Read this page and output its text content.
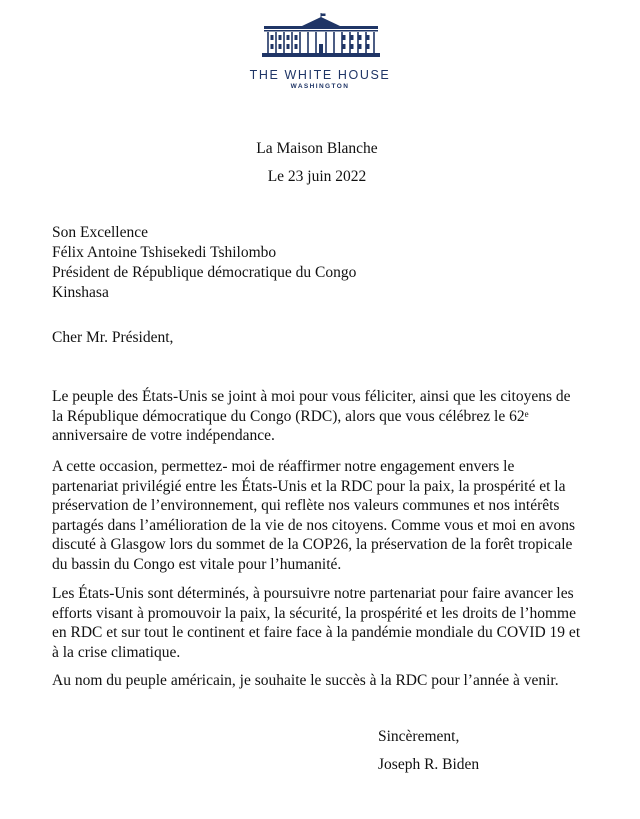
THE WHITE HOUSE
WASHINGTON
La Maison Blanche
Le 23 juin 2022
Son Excellence
Félix Antoine Tshisekedi Tshilombo
Président de République démocratique du Congo
Kinshasa
Cher Mr. Président,

Le peuple des États-Unis se joint à moi pour vous féliciter, ainsi que les citoyens de la République démocratique du Congo (RDC), alors que vous célébrez le 62e anniversaire de votre indépendance.

A cette occasion, permettez- moi de réaffirmer notre engagement envers le partenariat privilégié entre les États-Unis et la RDC pour la paix, la prospérité et la préservation de l’environnement, qui reflète nos valeurs communes et nos intérêts partagés dans l’amélioration de la vie de nos citoyens. Comme vous et moi en avons discuté à Glasgow lors du sommet de la COP26, la préservation de la forêt tropicale du bassin du Congo est vitale pour l’humanité.

Les États-Unis sont déterminés, à poursuivre notre partenariat pour faire avancer les efforts visant à promouvoir la paix, la sécurité, la prospérité et les droits de l’homme en RDC et sur tout le continent et faire face à la pandémie mondiale du COVID 19 et à la crise climatique.

Au nom du peuple américain, je souhaite le succès à la RDC pour l’année à venir.

Sincèrement,
Joseph R. Biden
